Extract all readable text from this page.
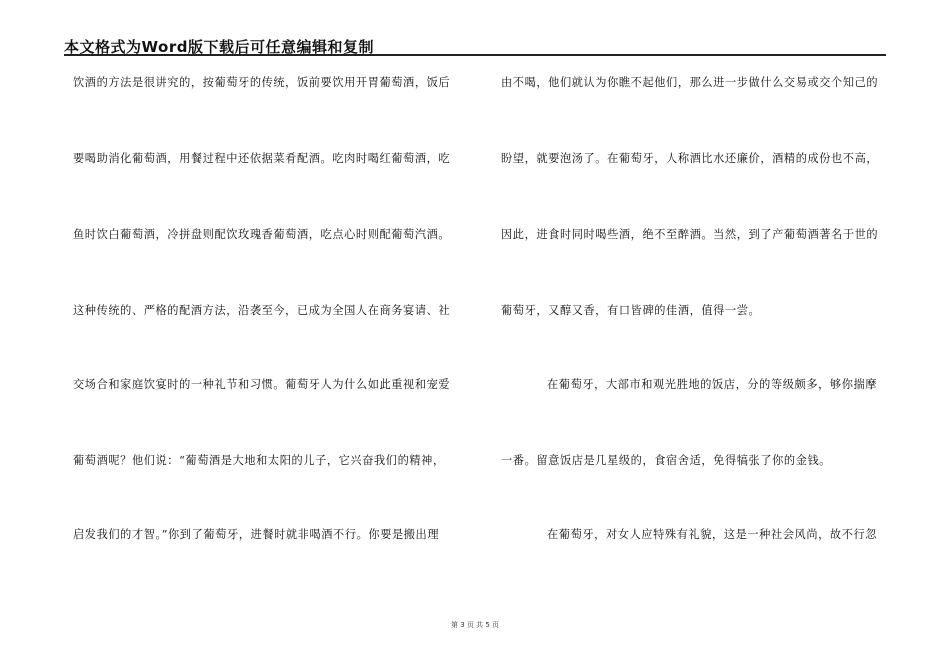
本文格式为Word版下载后可任意编辑和复制
饮酒的方法是很讲究的，按葡萄牙的传统，饭前要饮用开胃葡萄酒，饭后
要喝助消化葡萄酒，用餐过程中还依据菜肴配酒。吃肉时喝红葡萄酒，吃
鱼时饮白葡萄酒，冷拼盘则配饮玫瑰香葡萄酒，吃点心时则配葡萄汽酒。
这种传统的、严格的配酒方法，沿袭至今，已成为全国人在商务宴请、社
交场合和家庭饮宴时的一种礼节和习惯。葡萄牙人为什么如此重视和宠爱
葡萄酒呢？他们说：“葡萄酒是大地和太阳的儿子，它兴奋我们的精神，
启发我们的才智。”你到了葡萄牙，进餐时就非喝酒不行。你要是搬出理
由不喝，他们就认为你瞧不起他们，那么进一步做什么交易或交个知己的
盼望，就要泡汤了。在葡萄牙，人称酒比水还廉价，酒精的成份也不高，
因此，进食时同时喝些酒，绝不至醉酒。当然，到了产葡萄酒著名于世的
葡萄牙，又醇又香，有口皆碑的佳酒，值得一尝。
在葡萄牙，大部市和观光胜地的饭店，分的等级颇多，够你揣摩
一番。留意饭店是几星级的，食宿舍适，免得犒张了你的金钱。
在葡萄牙，对女人应特殊有礼貌，这是一种社会风尚，故不行忽
第 3 页 共 5 页
